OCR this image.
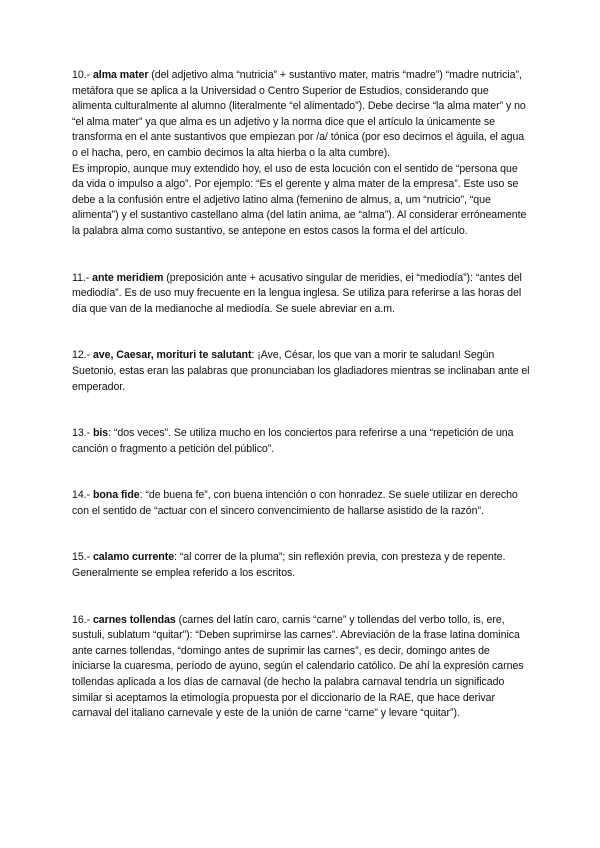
10.- alma mater (del adjetivo alma “nutricia” + sustantivo mater, matris “madre”) “madre nutricia”, metáfora que se aplica a la Universidad o Centro Superior de Estudios, considerando que alimenta culturalmente al alumno (literalmente “el alimentado”). Debe decirse “la alma mater” y no “el alma mater” ya que alma es un adjetivo y la norma dice que el artículo la únicamente se transforma en el ante sustantivos que empiezan por /a/ tónica (por eso decimos el águila, el agua o el hacha, pero, en cambio decimos la alta hierba o la alta cumbre).

Es impropio, aunque muy extendido hoy, el uso de esta locución con el sentido de “persona que da vida o impulso a algo”. Por ejemplo: “Es el gerente y alma mater de la empresa”. Este uso se debe a la confusión entre el adjetivo latino alma (femenino de almus, a, um “nutricio”, “que alimenta”) y el sustantivo castellano alma (del latín anima, ae “alma”). Al considerar erróneamente la palabra alma como sustantivo, se antepone en estos casos la forma el del artículo.

11.- ante meridiem (preposición ante + acusativo singular de meridies, ei “mediodía”): “antes del mediodía”. Es de uso muy frecuente en la lengua inglesa. Se utiliza para referirse a las horas del día que van de la medianoche al mediodía. Se suele abreviar en a.m.

12.- ave, Caesar, morituri te salutant: ¡Ave, César, los que van a morir te saludan! Según Suetonio, estas eran las palabras que pronunciaban los gladiadores mientras se inclinaban ante el emperador.

13.- bis: “dos veces”. Se utiliza mucho en los conciertos para referirse a una “repetición de una canción o fragmento a petición del público”.

14.- bona fide: “de buena fe”, con buena intención o con honradez. Se suele utilizar en derecho con el sentido de “actuar con el sincero convencimiento de hallarse asistido de la razón”.

15.- calamo currente: “al correr de la pluma”; sin reflexión previa, con presteza y de repente. Generalmente se emplea referido a los escritos.

16.- carnes tollendas (carnes del latín caro, carnis “carne” y tollendas del verbo tollo, is, ere, sustuli, sublatum “quitar”): “Deben suprimirse las carnes”. Abreviación de la frase latina dominica ante carnes tollendas, “domingo antes de suprimir las carnes”, es decir, domingo antes de iniciarse la cuaresma, período de ayuno, según el calendario católico. De ahí la expresión carnes tollendas aplicada a los días de carnaval (de hecho la palabra carnaval tendría un significado similar si aceptamos la etimología propuesta por el diccionario de la RAE, que hace derivar carnaval del italiano carnevale y este de la unión de carne “carne” y levare “quitar”).
